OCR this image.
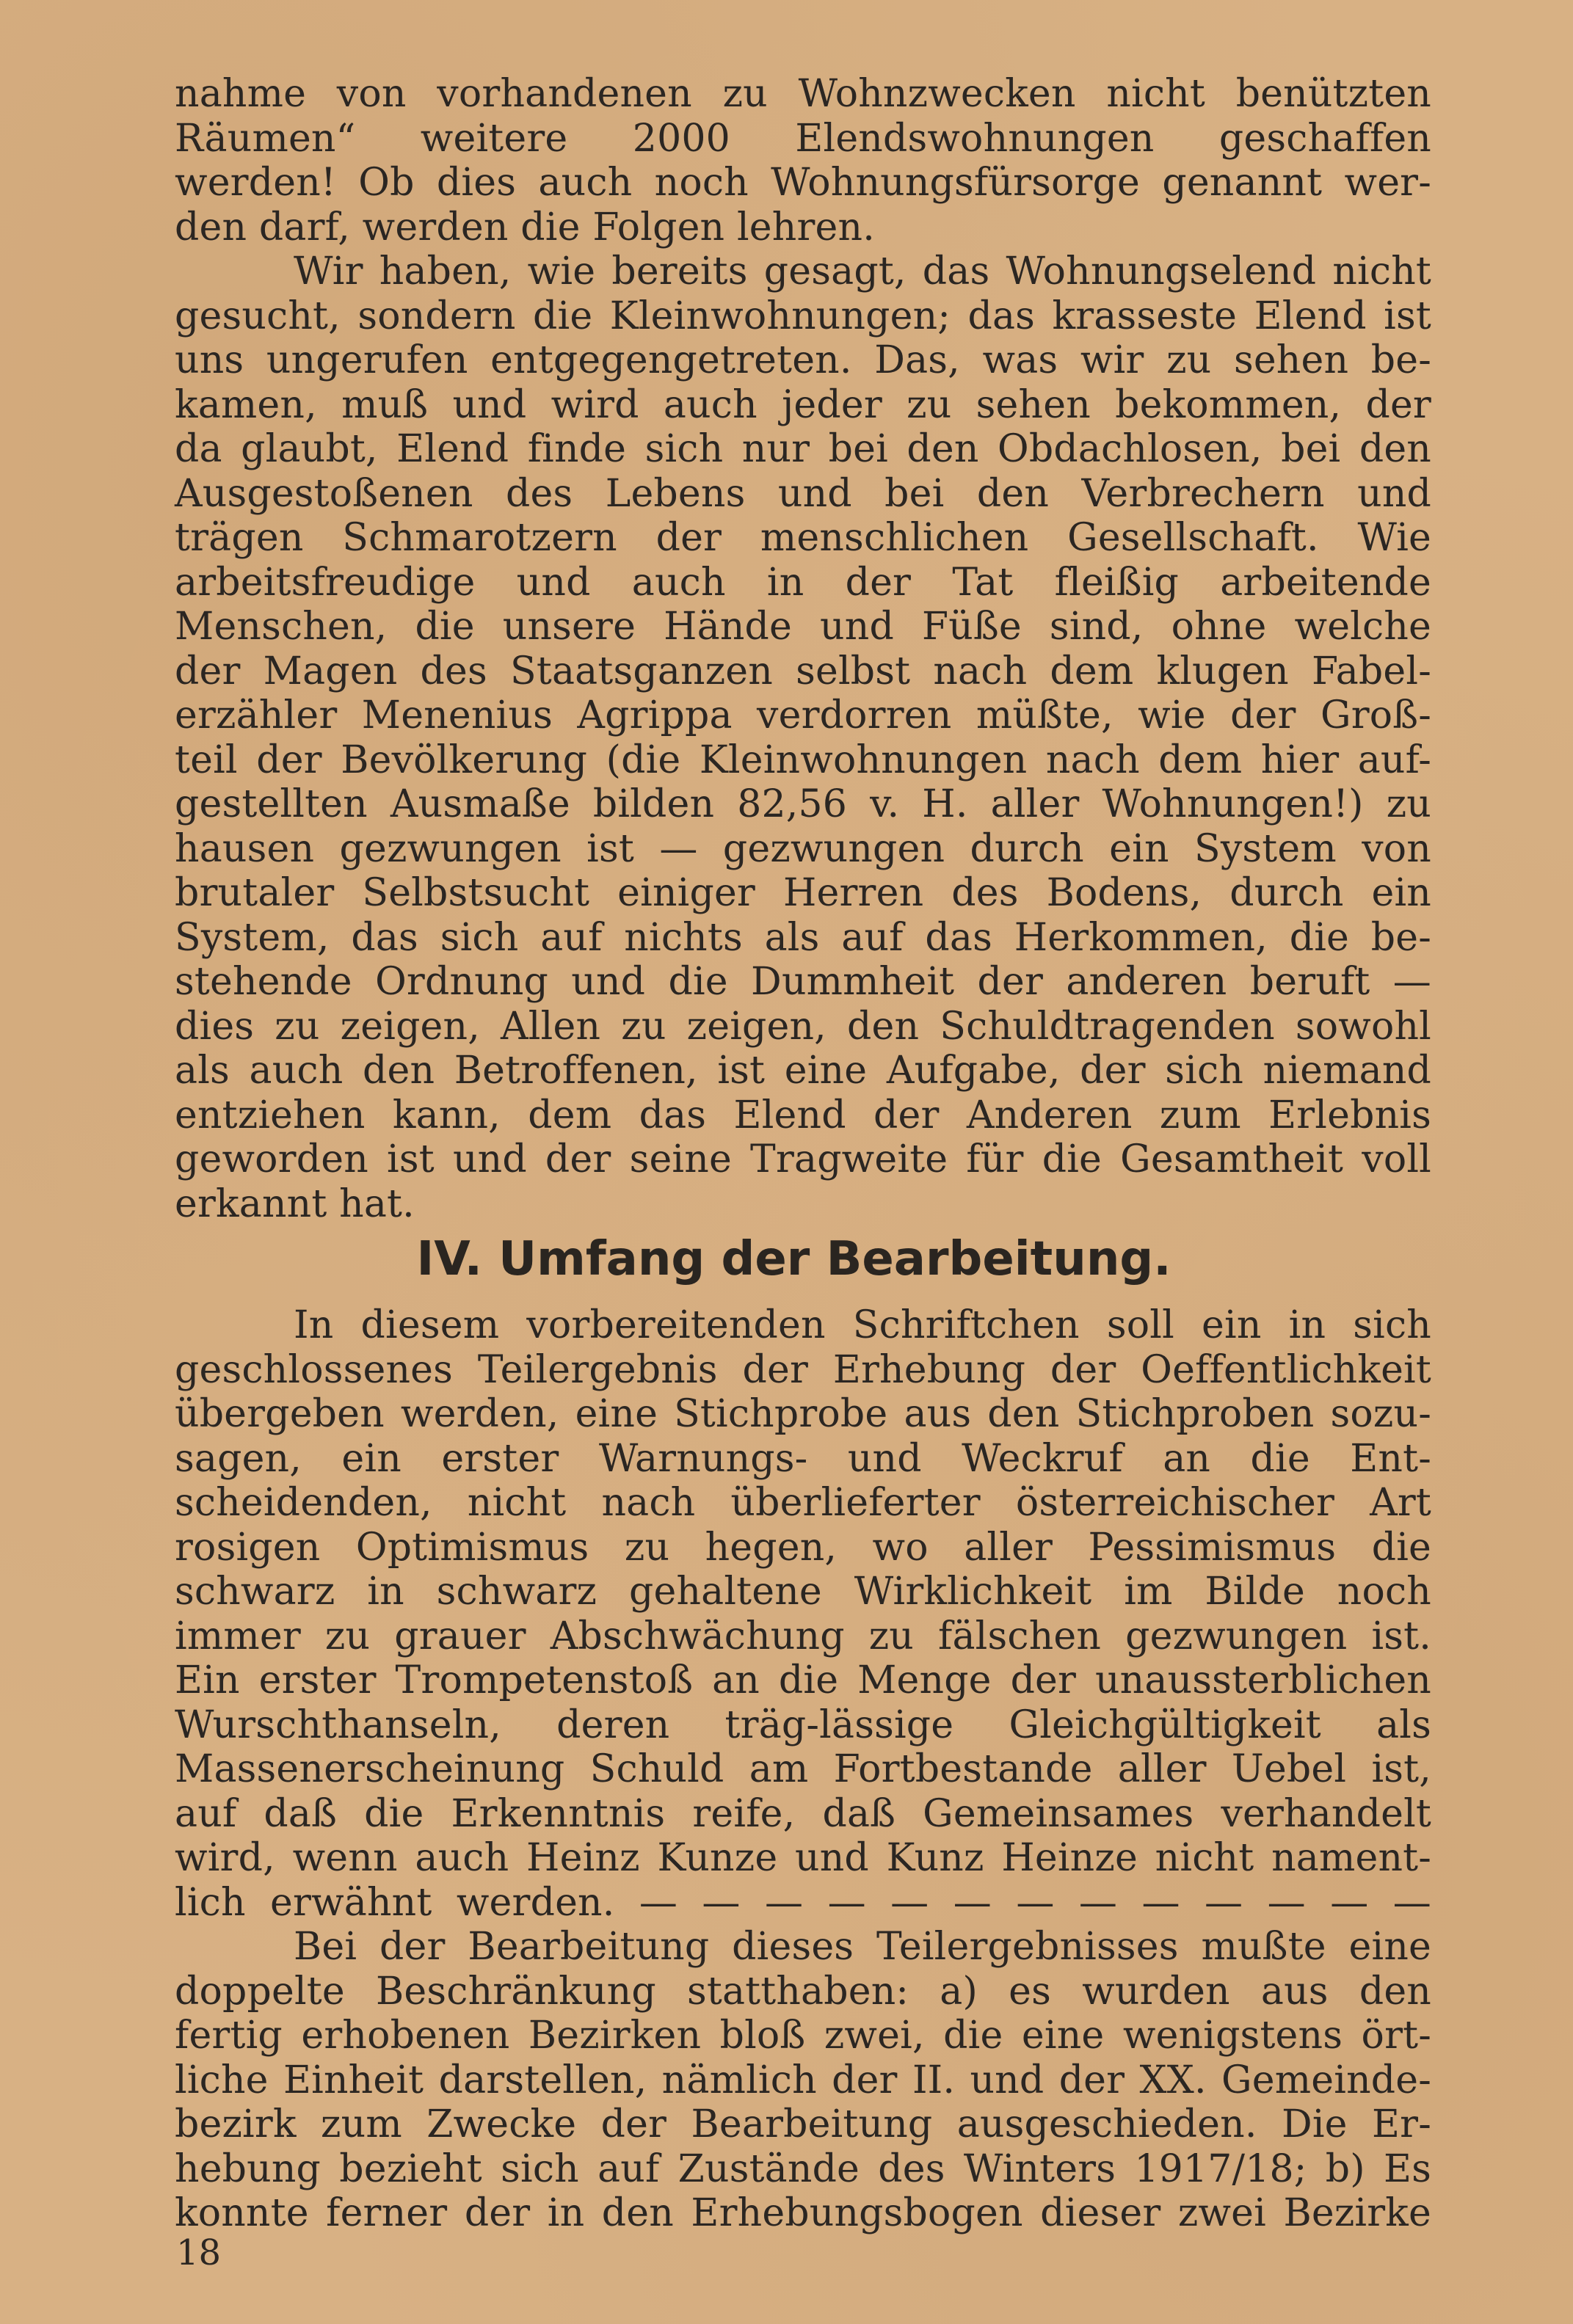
nahme von vorhandenen zu Wohnzwecken nicht benützten
Räumen“ weitere 2000 Elendswohnungen geschaffen
werden! Ob dies auch noch Wohnungsfürsorge genannt wer-
den darf, werden die Folgen lehren.
Wir haben, wie bereits gesagt, das Wohnungselend nicht
gesucht, sondern die Kleinwohnungen; das krasseste Elend ist
uns ungerufen entgegengetreten. Das, was wir zu sehen be-
kamen, muß und wird auch jeder zu sehen bekommen, der
da glaubt, Elend finde sich nur bei den Obdachlosen, bei den
Ausgestoßenen des Lebens und bei den Verbrechern und
trägen Schmarotzern der menschlichen Gesellschaft. Wie
arbeitsfreudige und auch in der Tat fleißig arbeitende
Menschen, die unsere Hände und Füße sind, ohne welche
der Magen des Staatsganzen selbst nach dem klugen Fabel-
erzähler Menenius Agrippa verdorren müßte, wie der Groß-
teil der Bevölkerung (die Kleinwohnungen nach dem hier auf-
gestellten Ausmaße bilden 82,56 v. H. aller Wohnungen!) zu
hausen gezwungen ist — gezwungen durch ein System von
brutaler Selbstsucht einiger Herren des Bodens, durch ein
System, das sich auf nichts als auf das Herkommen, die be-
stehende Ordnung und die Dummheit der anderen beruft —
dies zu zeigen, Allen zu zeigen, den Schuldtragenden sowohl
als auch den Betroffenen, ist eine Aufgabe, der sich niemand
entziehen kann, dem das Elend der Anderen zum Erlebnis
geworden ist und der seine Tragweite für die Gesamtheit voll
erkannt hat.
IV. Umfang der Bearbeitung.
In diesem vorbereitenden Schriftchen soll ein in sich
geschlossenes Teilergebnis der Erhebung der Oeffentlichkeit
übergeben werden, eine Stichprobe aus den Stichproben sozu-
sagen, ein erster Warnungs- und Weckruf an die Ent-
scheidenden, nicht nach überlieferter österreichischer Art
rosigen Optimismus zu hegen, wo aller Pessimismus die
schwarz in schwarz gehaltene Wirklichkeit im Bilde noch
immer zu grauer Abschwächung zu fälschen gezwungen ist.
Ein erster Trompetenstoß an die Menge der unaussterblichen
Wurschthanseln, deren träg-lässige Gleichgültigkeit als
Massenerscheinung Schuld am Fortbestande aller Uebel ist,
auf daß die Erkenntnis reife, daß Gemeinsames verhandelt
wird, wenn auch Heinz Kunze und Kunz Heinze nicht nament-
lich erwähnt werden. — — — — — — — — — — — — —
Bei der Bearbeitung dieses Teilergebnisses mußte eine
doppelte Beschränkung statthaben: a) es wurden aus den
fertig erhobenen Bezirken bloß zwei, die eine wenigstens ört-
liche Einheit darstellen, nämlich der II. und der XX. Gemeinde-
bezirk zum Zwecke der Bearbeitung ausgeschieden. Die Er-
hebung bezieht sich auf Zustände des Winters 1917/18; b) Es
konnte ferner der in den Erhebungsbogen dieser zwei Bezirke
18
